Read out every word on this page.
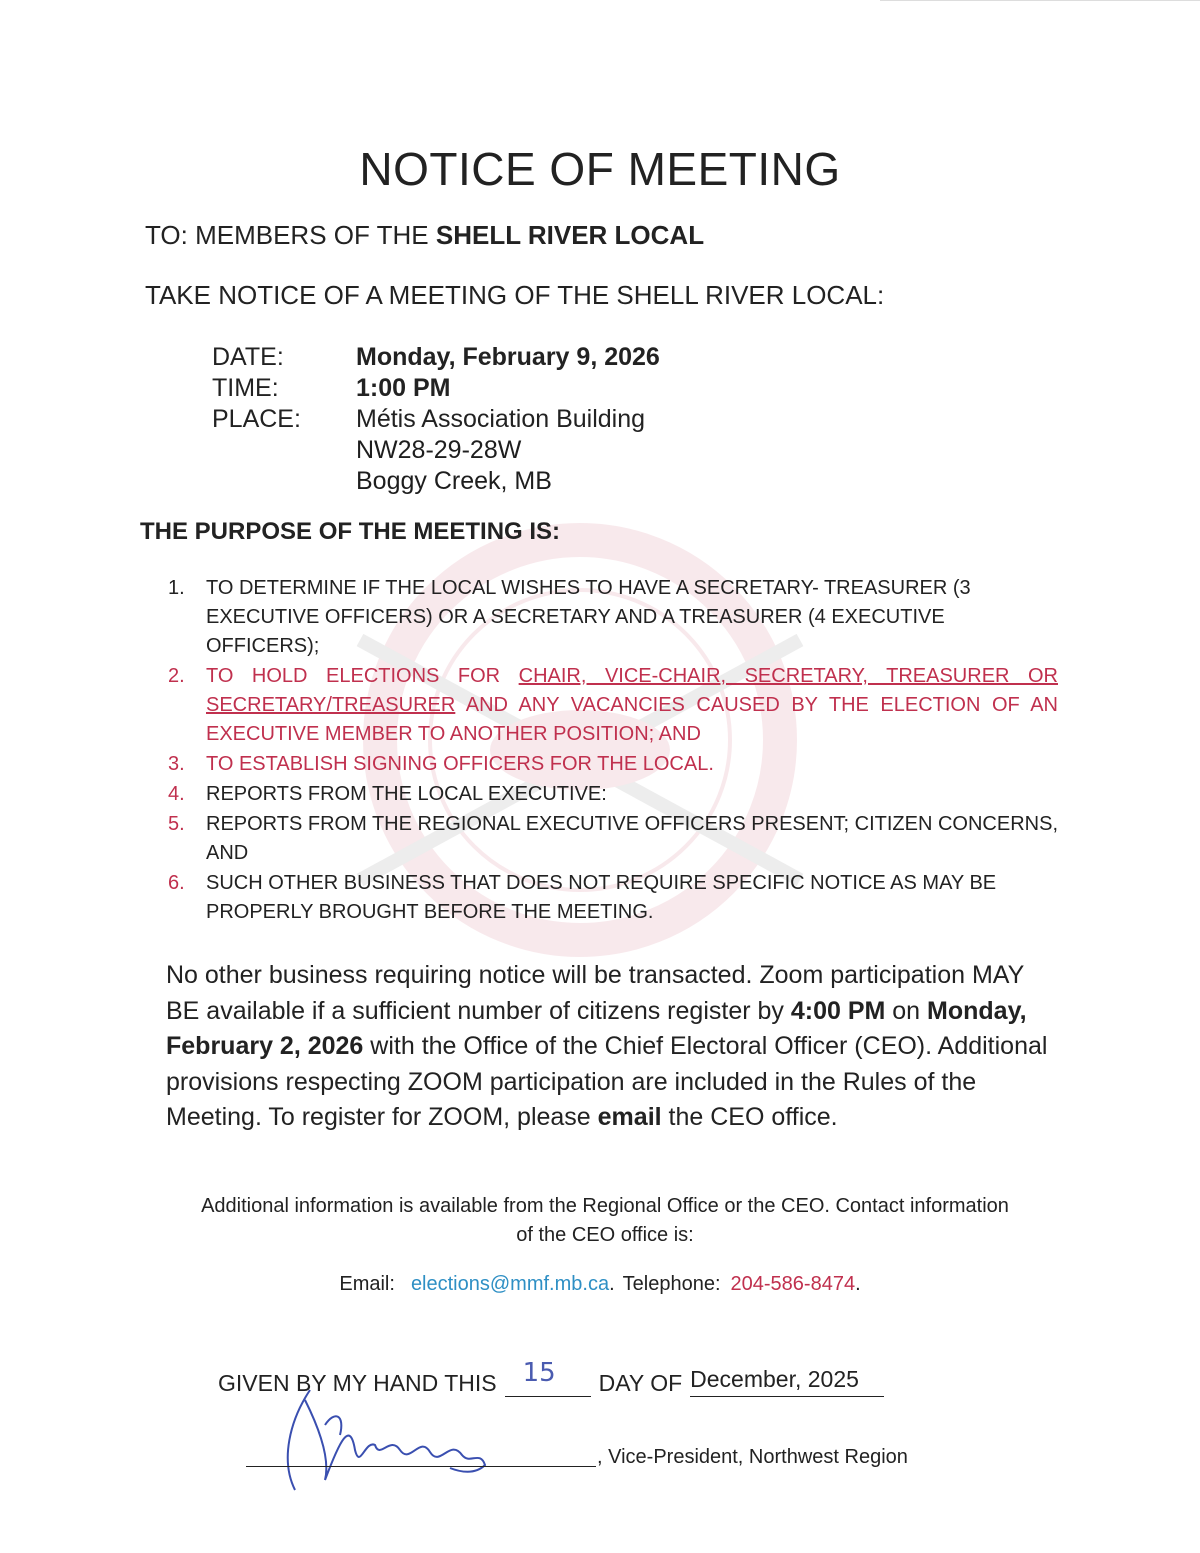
NOTICE OF MEETING
TO: MEMBERS OF THE SHELL RIVER LOCAL
TAKE NOTICE OF A MEETING OF THE SHELL RIVER LOCAL:
DATE:	Monday, February 9, 2026
TIME:	1:00 PM
PLACE:	Métis Association Building
NW28-29-28W
Boggy Creek, MB
THE PURPOSE OF THE MEETING IS:
1.	TO DETERMINE IF THE LOCAL WISHES TO HAVE A SECRETARY- TREASURER (3 EXECUTIVE OFFICERS) OR A SECRETARY AND A TREASURER (4 EXECUTIVE OFFICERS);
2.	TO HOLD ELECTIONS FOR CHAIR, VICE-CHAIR, SECRETARY, TREASURER OR SECRETARY/TREASURER AND ANY VACANCIES CAUSED BY THE ELECTION OF AN EXECUTIVE MEMBER TO ANOTHER POSITION; AND
3.	TO ESTABLISH SIGNING OFFICERS FOR THE LOCAL.
4.	REPORTS FROM THE LOCAL EXECUTIVE:
5.	REPORTS FROM THE REGIONAL EXECUTIVE OFFICERS PRESENT; CITIZEN CONCERNS, AND
6.	SUCH OTHER BUSINESS THAT DOES NOT REQUIRE SPECIFIC NOTICE AS MAY BE PROPERLY BROUGHT BEFORE THE MEETING.
No other business requiring notice will be transacted. Zoom participation MAY BE available if a sufficient number of citizens register by 4:00 PM on Monday, February 2, 2026 with the Office of the Chief Electoral Officer (CEO). Additional provisions respecting ZOOM participation are included in the Rules of the Meeting. To register for ZOOM, please email the CEO office.
Additional information is available from the Regional Office or the CEO. Contact information of the CEO office is:
Email: elections@mmf.mb.ca. Telephone: 204-586-8474.
GIVEN BY MY HAND THIS 15 DAY OF December, 2025
, Vice-President, Northwest Region
